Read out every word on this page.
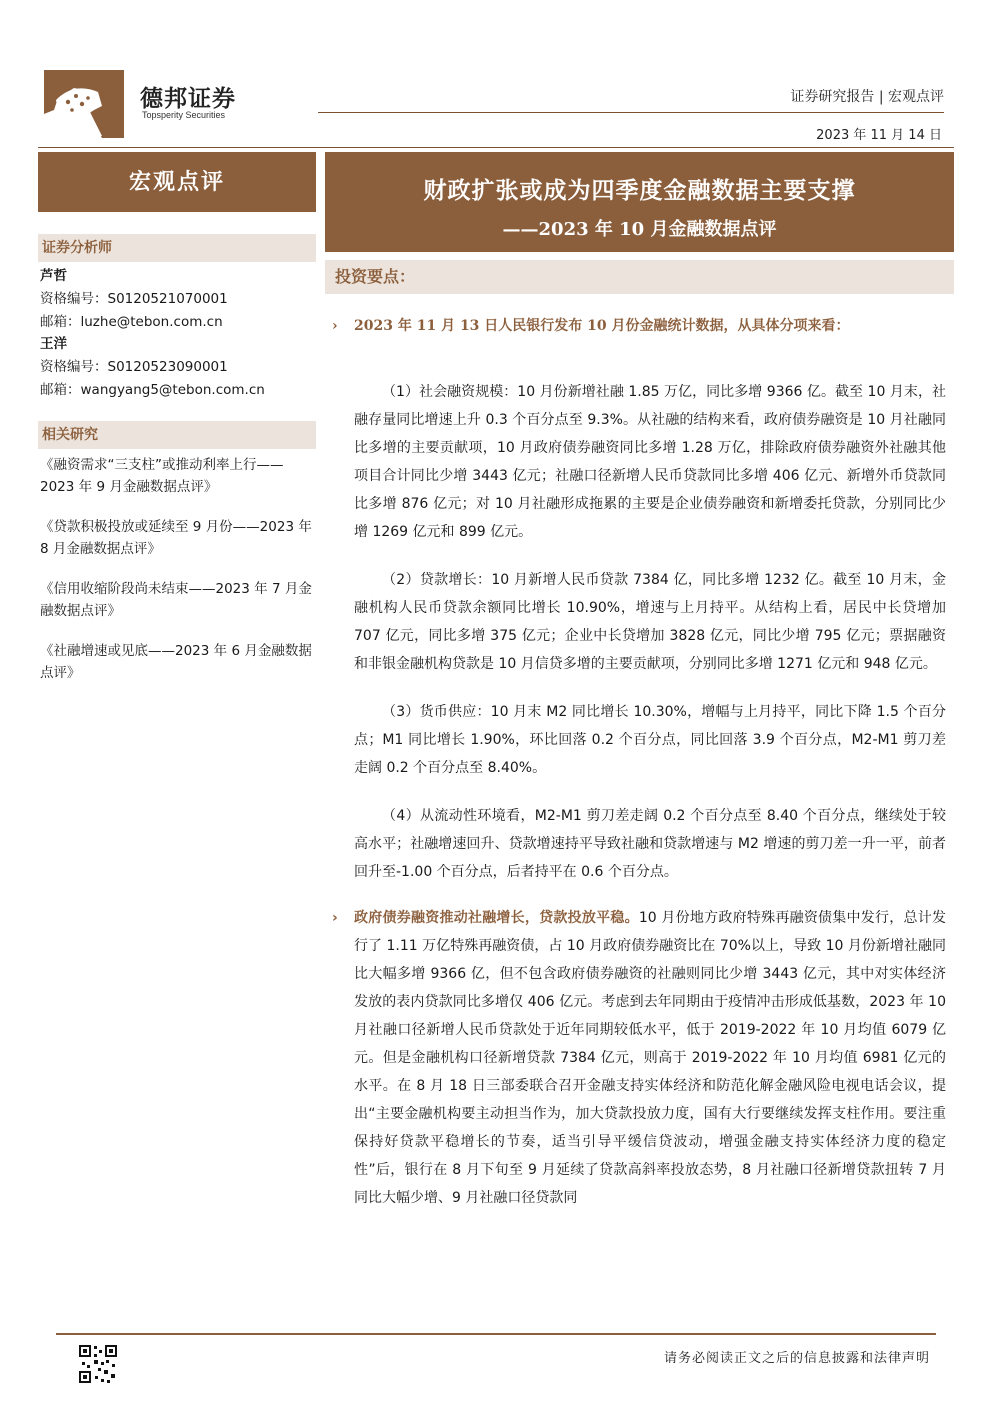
德邦证券
Topsperity Securities
证券研究报告 | 宏观点评
2023 年 11 月 14 日
宏观点评
证券分析师
芦哲
资格编号：S0120521070001
邮箱：luzhe@tebon.com.cn
王洋
资格编号：S0120523090001
邮箱：wangyang5@tebon.com.cn
相关研究
《融资需求“三支柱”或推动利率上行——2023 年 9 月金融数据点评》
《贷款积极投放或延续至 9 月份——2023 年 8 月金融数据点评》
《信用收缩阶段尚未结束——2023 年 7 月金融数据点评》
《社融增速或见底——2023 年 6 月金融数据点评》
财政扩张或成为四季度金融数据主要支撑
——2023 年 10 月金融数据点评
投资要点：
› 2023 年 11 月 13 日人民银行发布 10 月份金融统计数据，从具体分项来看：

（1）社会融资规模：10 月份新增社融 1.85 万亿，同比多增 9366 亿。截至 10 月末，社融存量同比增速上升 0.3 个百分点至 9.3%。从社融的结构来看，政府债券融资是 10 月社融同比多增的主要贡献项，10 月政府债券融资同比多增 1.28 万亿，排除政府债券融资外社融其他项目合计同比少增 3443 亿元；社融口径新增人民币贷款同比多增 406 亿元、新增外币贷款同比多增 876 亿元；对 10 月社融形成拖累的主要是企业债券融资和新增委托贷款，分别同比少增 1269 亿元和 899 亿元。

（2）贷款增长：10 月新增人民币贷款 7384 亿，同比多增 1232 亿。截至 10 月末，金融机构人民币贷款余额同比增长 10.90%，增速与上月持平。从结构上看，居民中长贷增加 707 亿元，同比多增 375 亿元；企业中长贷增加 3828 亿元，同比少增 795 亿元；票据融资和非银金融机构贷款是 10 月信贷多增的主要贡献项，分别同比多增 1271 亿元和 948 亿元。

（3）货币供应：10 月末 M2 同比增长 10.30%，增幅与上月持平，同比下降 1.5 个百分点；M1 同比增长 1.90%，环比回落 0.2 个百分点，同比回落 3.9 个百分点，M2-M1 剪刀差走阔 0.2 个百分点至 8.40%。

（4）从流动性环境看，M2-M1 剪刀差走阔 0.2 个百分点至 8.40 个百分点，继续处于较高水平；社融增速回升、贷款增速持平导致社融和贷款增速与 M2 增速的剪刀差一升一平，前者回升至-1.00 个百分点，后者持平在 0.6 个百分点。

› 政府债券融资推动社融增长，贷款投放平稳。10 月份地方政府特殊再融资债集中发行，总计发行了 1.11 万亿特殊再融资债，占 10 月政府债券融资比在 70%以上，导致 10 月份新增社融同比大幅多增 9366 亿，但不包含政府债券融资的社融则同比少增 3443 亿元，其中对实体经济发放的表内贷款同比多增仅 406 亿元。考虑到去年同期由于疫情冲击形成低基数，2023 年 10 月社融口径新增人民币贷款处于近年同期较低水平，低于 2019-2022 年 10 月均值 6079 亿元。但是金融机构口径新增贷款 7384 亿元，则高于 2019-2022 年 10 月均值 6981 亿元的水平。在 8 月 18 日三部委联合召开金融支持实体经济和防范化解金融风险电视电话会议，提出“主要金融机构要主动担当作为，加大贷款投放力度，国有大行要继续发挥支柱作用。要注重保持好贷款平稳增长的节奏，适当引导平缓信贷波动，增强金融支持实体经济力度的稳定性”后，银行在 8 月下旬至 9 月延续了贷款高斜率投放态势，8 月社融口径新增贷款扭转 7 月同比大幅少增、9 月社融口径贷款同
请务必阅读正文之后的信息披露和法律声明
